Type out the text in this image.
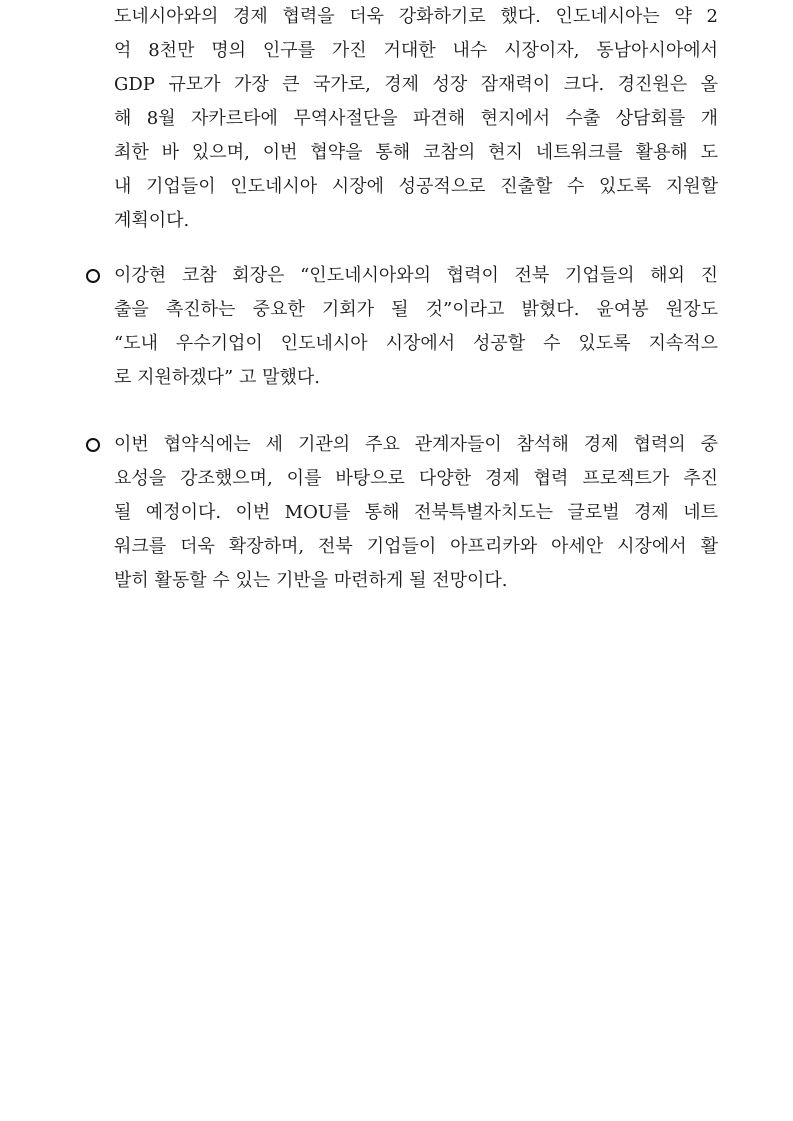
도네시아와의 경제 협력을 더욱 강화하기로 했다. 인도네시아는 약 2
억 8천만 명의 인구를 가진 거대한 내수 시장이자, 동남아시아에서
GDP 규모가 가장 큰 국가로, 경제 성장 잠재력이 크다. 경진원은 올
해 8월 자카르타에 무역사절단을 파견해 현지에서 수출 상담회를 개
최한 바 있으며, 이번 협약을 통해 코참의 현지 네트워크를 활용해 도
내 기업들이 인도네시아 시장에 성공적으로 진출할 수 있도록 지원할
계획이다.
이강현 코참 회장은 “인도네시아와의 협력이 전북 기업들의 해외 진
출을 촉진하는 중요한 기회가 될 것”이라고 밝혔다. 윤여봉 원장도
“도내 우수기업이 인도네시아 시장에서 성공할 수 있도록 지속적으
로 지원하겠다” 고 말했다.
이번 협약식에는 세 기관의 주요 관계자들이 참석해 경제 협력의 중
요성을 강조했으며, 이를 바탕으로 다양한 경제 협력 프로젝트가 추진
될 예정이다. 이번 MOU를 통해 전북특별자치도는 글로벌 경제 네트
워크를 더욱 확장하며, 전북 기업들이 아프리카와 아세안 시장에서 활
발히 활동할 수 있는 기반을 마련하게 될 전망이다.
